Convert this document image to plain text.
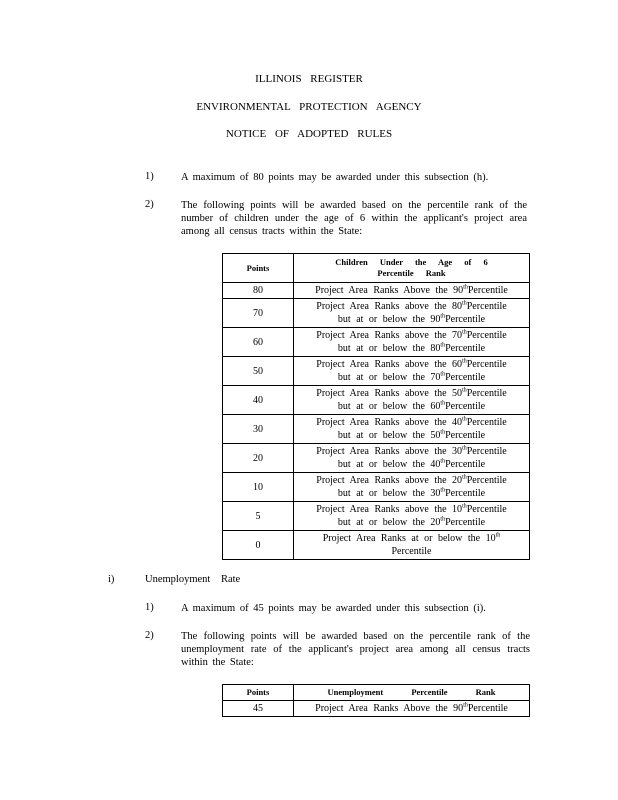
ILLINOIS REGISTER
ENVIRONMENTAL PROTECTION AGENCY
NOTICE OF ADOPTED RULES
1)	A maximum of 80 points may be awarded under this subsection (h).
2)	The following points will be awarded based on the percentile rank of the number of children under the age of 6 within the applicant's project area among all census tracts within the State:
Points	Children Under the Age of 6 Percentile Rank
80	Project Area Ranks Above the 90thPercentile

70	Project Area Ranks above the 80thPercentile
but at or below the 90thPercentile

60	Project Area Ranks above the 70thPercentile
but at or below the 80thPercentile

50	Project Area Ranks above the 60thPercentile
but at or below the 70thPercentile

40	Project Area Ranks above the 50thPercentile
but at or below the 60thPercentile

30	Project Area Ranks above the 40thPercentile
but at or below the 50thPercentile

20	Project Area Ranks above the 30thPercentile
but at or below the 40thPercentile

10	Project Area Ranks above the 20thPercentile
but at or below the 30thPercentile

5	Project Area Ranks above the 10thPercentile
but at or below the 20thPercentile

0	Project Area Ranks at or below the 10th
Percentile
i)	Unemployment Rate
1)	A maximum of 45 points may be awarded under this subsection (i).
2)	The following points will be awarded based on the percentile rank of the unemployment rate of the applicant's project area among all census tracts within the State:
Points	Unemployment Percentile Rank
45	Project Area Ranks Above the 90thPercentile
